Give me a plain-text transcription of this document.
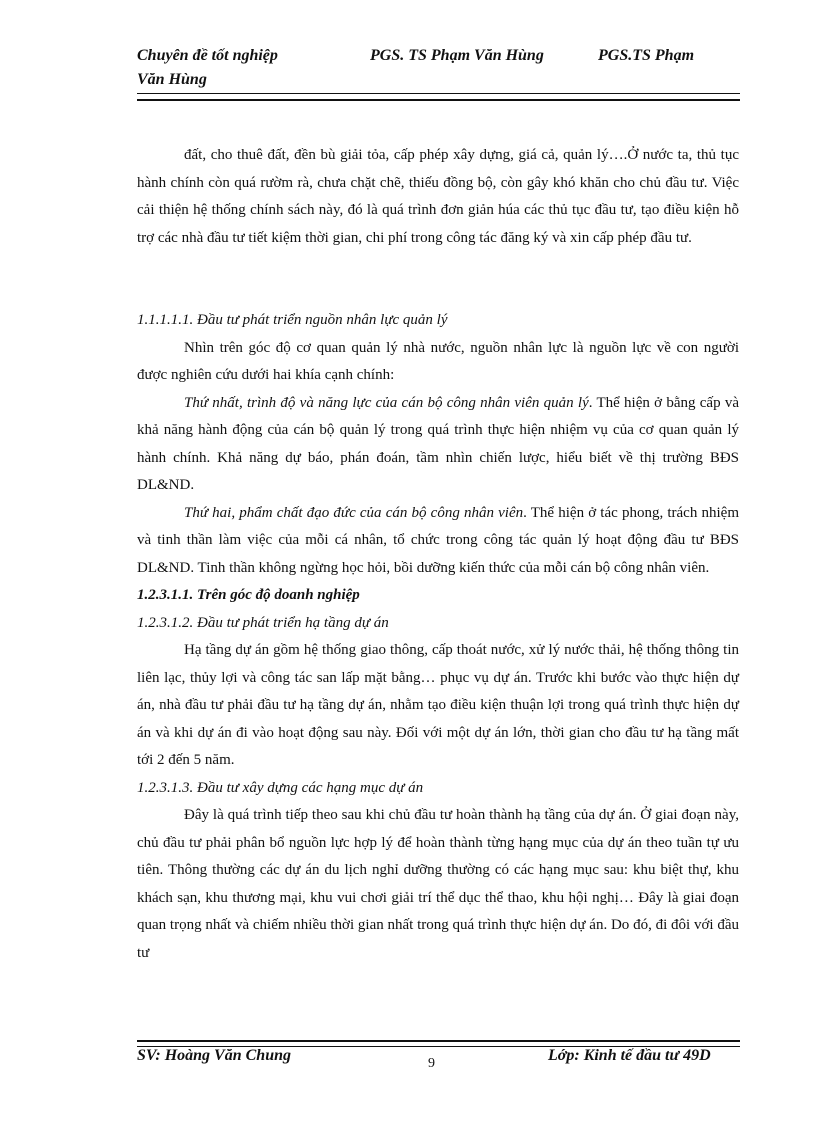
Chuyên đề tốt nghiệp	PGS. TS Phạm Văn Hùng	PGS.TS Phạm
Văn Hùng

đất, cho thuê đất, đền bù giải tỏa, cấp phép xây dựng, giá cả, quản lý….Ở nước ta, thủ tục hành chính còn quá rườm rà, chưa chặt chẽ, thiếu đồng bộ, còn gây khó khăn cho chủ đầu tư. Việc cải thiện hệ thống chính sách này, đó là quá trình đơn giản húa các thủ tục đầu tư, tạo điều kiện hỗ trợ các nhà đầu tư tiết kiệm thời gian, chi phí trong công tác đăng ký và xin cấp phép đầu tư.

1.1.1.1.1. Đầu tư phát triển nguồn nhân lực quản lý

Nhìn trên góc độ cơ quan quản lý nhà nước, nguồn nhân lực là nguồn lực về con người được nghiên cứu dưới hai khía cạnh chính:

Thứ nhất, trình độ và năng lực của cán bộ công nhân viên quản lý. Thể hiện ở bằng cấp và khả năng hành động của cán bộ quản lý trong quá trình thực hiện nhiệm vụ của cơ quan quản lý hành chính. Khả năng dự báo, phán đoán, tầm nhìn chiến lược, hiểu biết về thị trường BĐS DL&ND.

Thứ hai, phẩm chất đạo đức của cán bộ công nhân viên. Thể hiện ở tác phong, trách nhiệm và tinh thần làm việc của mỗi cá nhân, tổ chức trong công tác quản lý hoạt động đầu tư BĐS DL&ND. Tinh thần không ngừng học hỏi, bồi dưỡng kiến thức của mỗi cán bộ công nhân viên.

1.2.3.1.1. Trên góc độ doanh nghiệp

1.2.3.1.2. Đầu tư phát triển hạ tầng dự án

Hạ tầng dự án gồm hệ thống giao thông, cấp thoát nước, xử lý nước thải, hệ thống thông tin liên lạc, thủy lợi và công tác san lấp mặt bằng… phục vụ dự án. Trước khi bước vào thực hiện dự án, nhà đầu tư phải đầu tư hạ tầng dự án, nhằm tạo điều kiện thuận lợi trong quá trình thực hiện dự án và khi dự án đi vào hoạt động sau này. Đối với một dự án lớn, thời gian cho đầu tư hạ tầng mất tới 2 đến 5 năm.

1.2.3.1.3. Đầu tư xây dựng các hạng mục dự án

Đây là quá trình tiếp theo sau khi chủ đầu tư hoàn thành hạ tầng của dự án. Ở giai đoạn này, chủ đầu tư phải phân bổ nguồn lực hợp lý để hoàn thành từng hạng mục của dự án theo tuần tự ưu tiên. Thông thường các dự án du lịch nghỉ dưỡng thường có các hạng mục sau: khu biệt thự, khu khách sạn, khu thương mại, khu vui chơi giải trí thể dục thể thao, khu hội nghị… Đây là giai đoạn quan trọng nhất và chiếm nhiều thời gian nhất trong quá trình thực hiện dự án. Do đó, đi đôi với đầu tư

SV: Hoàng Văn Chung	9	Lớp: Kinh tế đầu tư 49D
